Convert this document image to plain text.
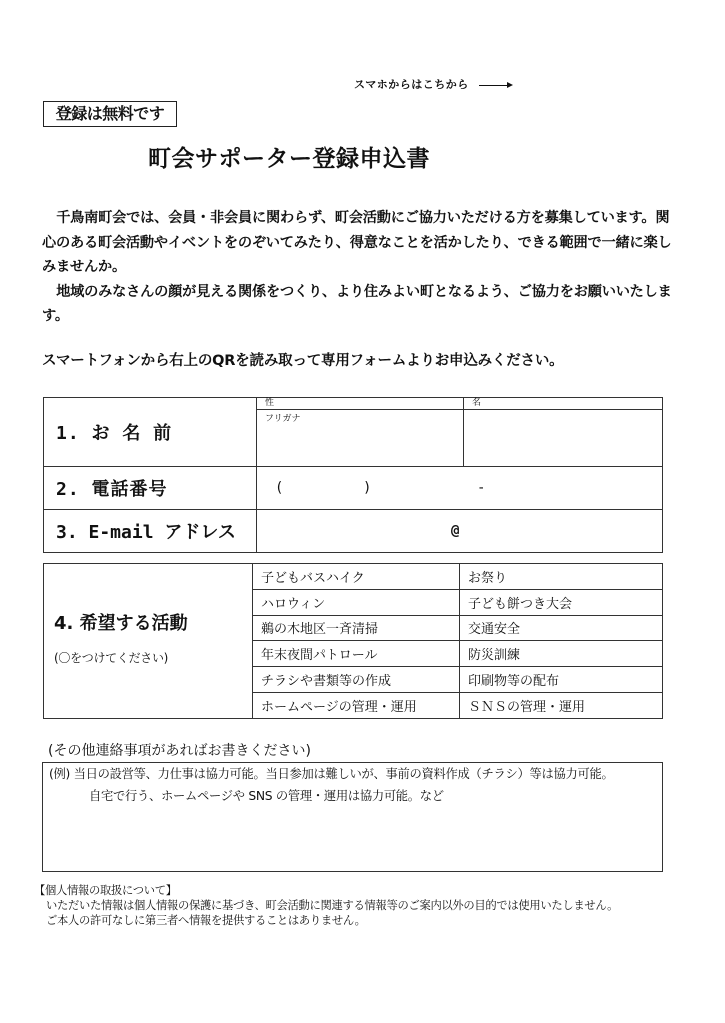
スマホからはこちから
登録は無料です
町会サポーター登録申込書

千鳥南町会では、会員・非会員に関わらず、町会活動にご協力いただける方を募集しています。関心のある町会活動やイベントをのぞいてみたり、得意なことを活かしたり、できる範囲で一緒に楽しみませんか。

地域のみなさんの顔が見える関係をつくり、より住みよい町となるよう、ご協力をお願いいたします。

スマートフォンから右上のQRを読み取って専用フォームよりお申込みください。
1. お 名 前	性	名
	フリガナ	
2. 電話番号	( ) -	

3. E-mail アドレス	@	
4. 希望する活動
(〇をつけてください)	子どもバスハイク	お祭り
	ハロウィン	子ども餅つき大会
	鵜の木地区一斉清掃	交通安全
	年末夜間パトロール	防災訓練
	チラシや書類等の作成	印刷物等の配布
	ホームページの管理・運用	ＳＮＳの管理・運用
(その他連絡事項があればお書きください)

(例) 当日の設営等、力仕事は協力可能。当日参加は難しいが、事前の資料作成（チラシ）等は協力可能。

自宅で行う、ホームページや SNS の管理・運用は協力可能。など

【個人情報の取扱について】

いただいた情報は個人情報の保護に基づき、町会活動に関連する情報等のご案内以外の目的では使用いたしません。

ご本人の許可なしに第三者へ情報を提供することはありません。
